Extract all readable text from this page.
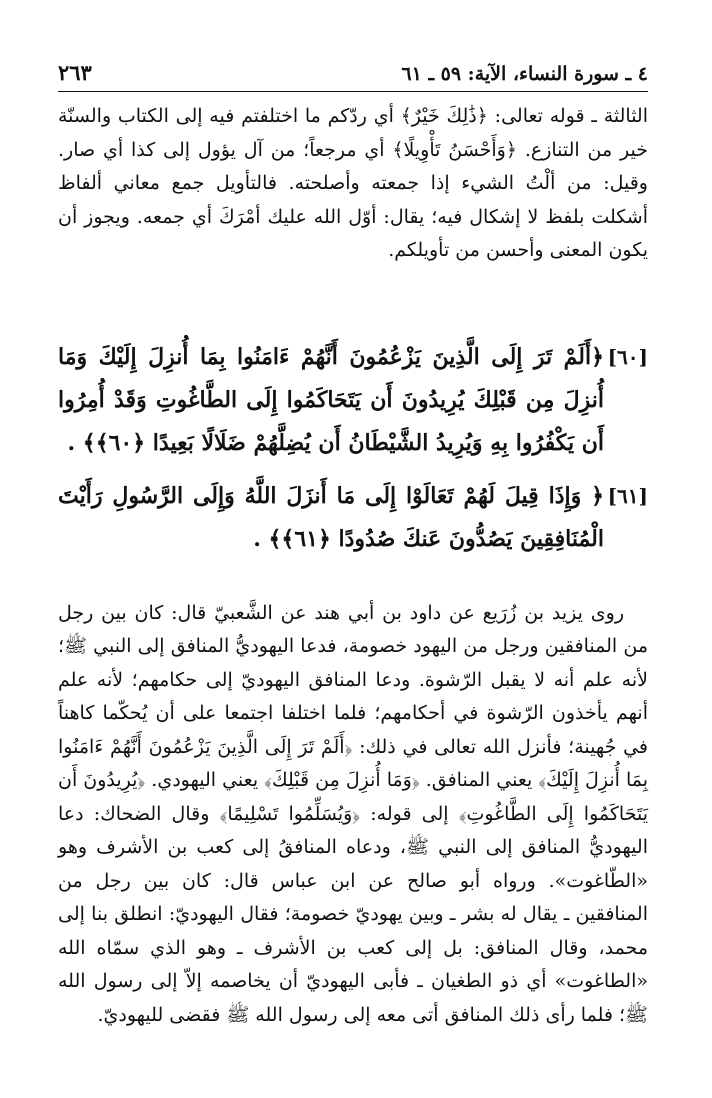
٤ ـ سورة النساء، الآية: ٥٩ ـ ٦١
٢٦٣

الثالثة ـ قوله تعالى: ﴿ذَٰلِكَ خَيْرٌ﴾ أي ردّكم ما اختلفتم فيه إلى الكتاب والسنّة خير من التنازع. ﴿وَأَحْسَنُ تَأْوِيلًا﴾ أي مرجعاً؛ من آل يؤول إلى كذا أي صار. وقيل: من ألْتُ الشيء إذا جمعته وأصلحته. فالتأويل جمع معاني ألفاظ أشكلت بلفظ لا إشكال فيه؛ يقال: أوّل الله عليك أمْرَكَ أي جمعه. ويجوز أن يكون المعنى وأحسن من تأويلكم.

[٦٠]
﴿أَلَمْ تَرَ إِلَى الَّذِينَ يَزْعُمُونَ أَنَّهُمْ ءَامَنُوا بِمَا أُنزِلَ إِلَيْكَ وَمَا أُنزِلَ مِن قَبْلِكَ يُرِيدُونَ أَن يَتَحَاكَمُوا إِلَى الطَّاغُوتِ وَقَدْ أُمِرُوا أَن يَكْفُرُوا بِهِ وَيُرِيدُ الشَّيْطَانُ أَن يُضِلَّهُمْ ضَلَالًا بَعِيدًا ﴿٦٠﴾﴾ .
[٦١]
﴿ وَإِذَا قِيلَ لَهُمْ تَعَالَوْا إِلَى مَا أَنزَلَ اللَّهُ وَإِلَى الرَّسُولِ رَأَيْتَ الْمُنَافِقِينَ يَصُدُّونَ عَنكَ صُدُودًا ﴿٦١﴾﴾ .

روى يزيد بن زُرَيع عن داود بن أبي هند عن الشَّعبيّ قال: كان بين رجل من المنافقين ورجل من اليهود خصومة، فدعا اليهوديُّ المنافق إلى النبي ﷺ؛ لأنه علم أنه لا يقبل الرّشوة. ودعا المنافق اليهوديّ إلى حكامهم؛ لأنه علم أنهم يأخذون الرّشوة في أحكامهم؛ فلما اختلفا اجتمعا على أن يُحكّما كاهناً في جُهينة؛ فأنزل الله تعالى في ذلك: ﴿أَلَمْ تَرَ إِلَى الَّذِينَ يَزْعُمُونَ أَنَّهُمْ ءَامَنُوا بِمَا أُنزِلَ إِلَيْكَ﴾ يعني المنافق. ﴿وَمَا أُنزِلَ مِن قَبْلِكَ﴾ يعني اليهودي. ﴿يُرِيدُونَ أَن يَتَحَاكَمُوا إِلَى الطَّاغُوتِ﴾ إلى قوله: ﴿وَيُسَلِّمُوا تَسْلِيمًا﴾ وقال الضحاك: دعا اليهوديُّ المنافق إلى النبي ﷺ، ودعاه المنافقُ إلى كعب بن الأشرف وهو «الطّاغوت». ورواه أبو صالح عن ابن عباس قال: كان بين رجل من المنافقين ـ يقال له بشر ـ وبين يهوديّ خصومة؛ فقال اليهوديّ: انطلق بنا إلى محمد، وقال المنافق: بل إلى كعب بن الأشرف ـ وهو الذي سمّاه الله «الطاغوت» أي ذو الطغيان ـ فأبى اليهوديّ أن يخاصمه إلاّ إلى رسول الله ﷺ؛ فلما رأى ذلك المنافق أتى معه إلى رسول الله ﷺ فقضى لليهوديّ.
